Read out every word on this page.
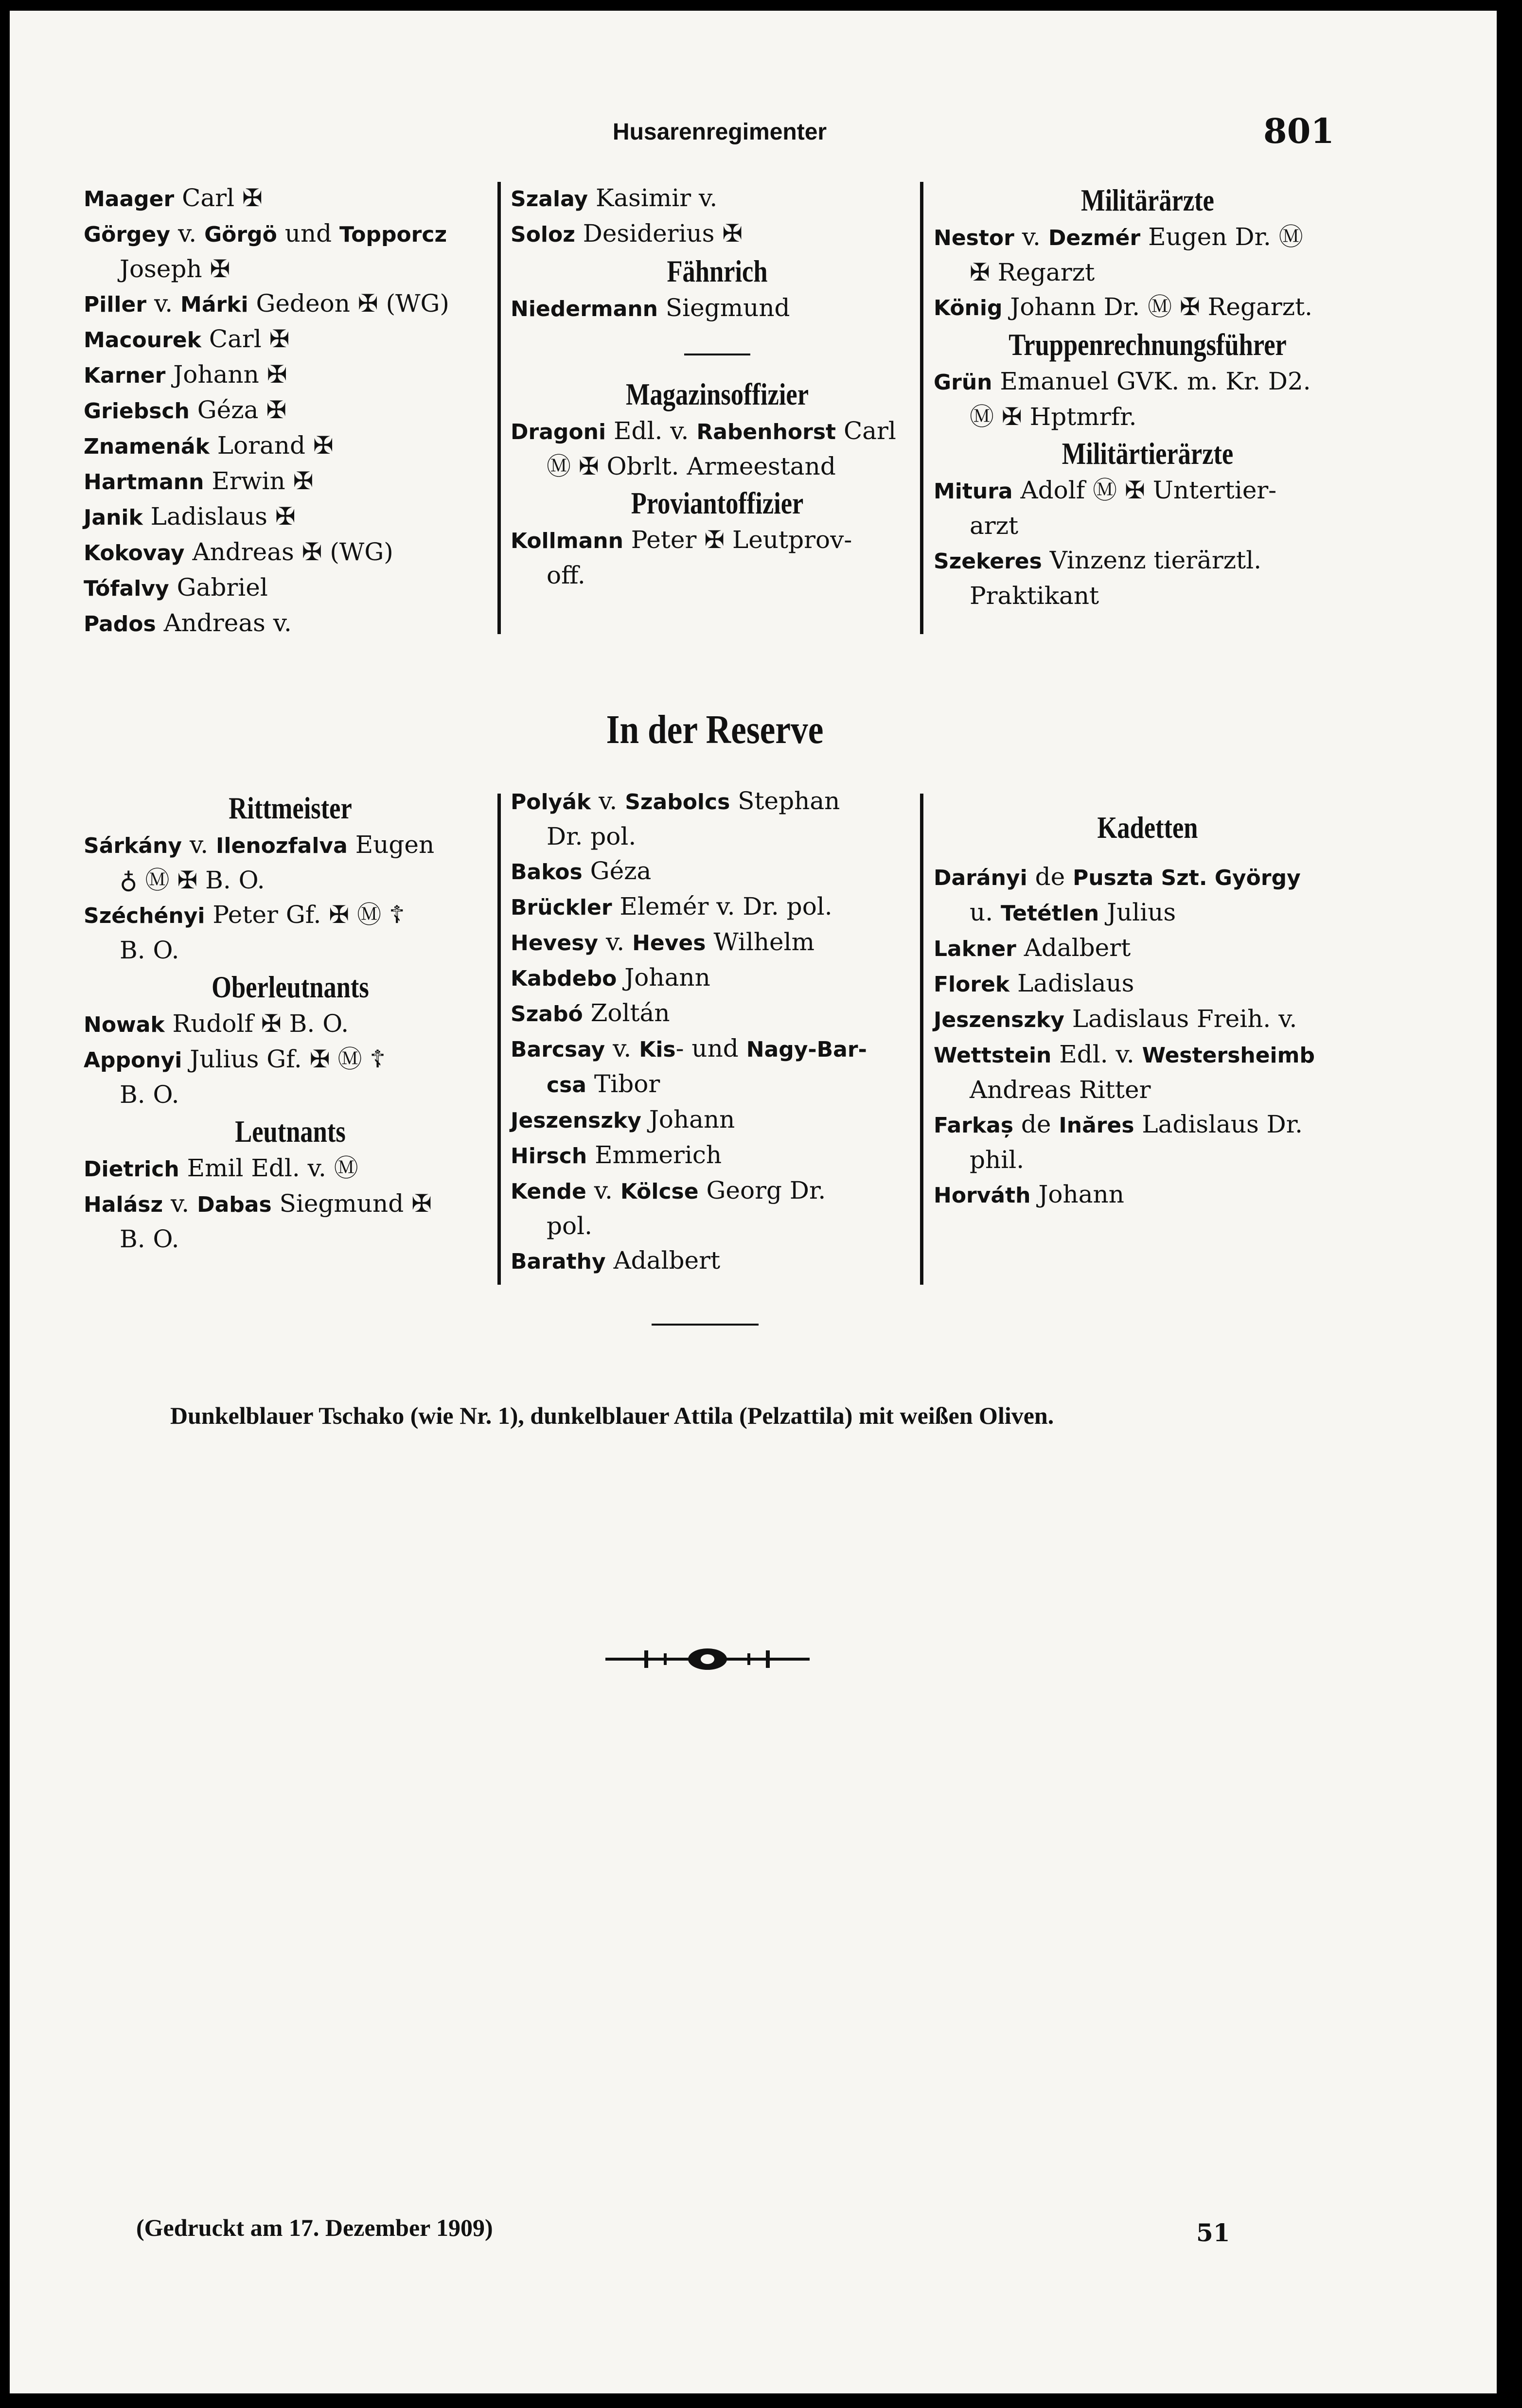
Husarenregimenter	801
Maager Carl ✠
Görgey v. Görgö und Topporcz
Joseph ✠
Piller v. Márki Gedeon ✠ (WG)
Macourek Carl ✠
Karner Johann ✠
Griebsch Géza ✠
Znamenák Lorand ✠
Hartmann Erwin ✠
Janik Ladislaus ✠
Kokovay Andreas ✠ (WG)
Tófalvy Gabriel
Pados Andreas v.
Szalay Kasimir v.
Soloz Desiderius ✠
Fähnrich
Niedermann Siegmund
Magazinsoffizier
Dragoni Edl. v. Rabenhorst Carl
Ⓜ ✠ Obrlt. Armeestand
Proviantoffizier
Kollmann Peter ✠ Leutprov-
off.
Militärärzte
Nestor v. Dezmér Eugen Dr. Ⓜ
✠ Regarzt
König Johann Dr. Ⓜ ✠ Regarzt.
Truppenrechnungsführer
Grün Emanuel GVK. m. Kr. D2.
Ⓜ ✠ Hptmrfr.
Militärtierärzte
Mitura Adolf Ⓜ ✠ Untertier-
arzt
Szekeres Vinzenz tierärztl.
Praktikant
In der Reserve
Rittmeister
Sárkány v. Ilenozfalva Eugen
♁ Ⓜ ✠ B. O.
Széchényi Peter Gf. ✠ Ⓜ ☦
B. O.
Oberleutnants
Nowak Rudolf ✠ B. O.
Apponyi Julius Gf. ✠ Ⓜ ☦
B. O.
Leutnants
Dietrich Emil Edl. v. Ⓜ
Halász v. Dabas Siegmund ✠
B. O.
Polyák v. Szabolcs Stephan
Dr. pol.
Bakos Géza
Brückler Elemér v. Dr. pol.
Hevesy v. Heves Wilhelm
Kabdebo Johann
Szabó Zoltán
Barcsay v. Kis- und Nagy-Bar-
csa Tibor
Jeszenszky Johann
Hirsch Emmerich
Kende v. Kölcse Georg Dr.
pol.
Barathy Adalbert
Kadetten
Darányi de Puszta Szt. György
u. Tetétlen Julius
Lakner Adalbert
Florek Ladislaus
Jeszenszky Ladislaus Freih. v.
Wettstein Edl. v. Westersheimb
Andreas Ritter
Farkaș de Inăres Ladislaus Dr.
phil.
Horváth Johann
Dunkelblauer Tschako (wie Nr. 1), dunkelblauer Attila (Pelzattila) mit weißen Oliven.
(Gedruckt am 17. Dezember 1909)	51
